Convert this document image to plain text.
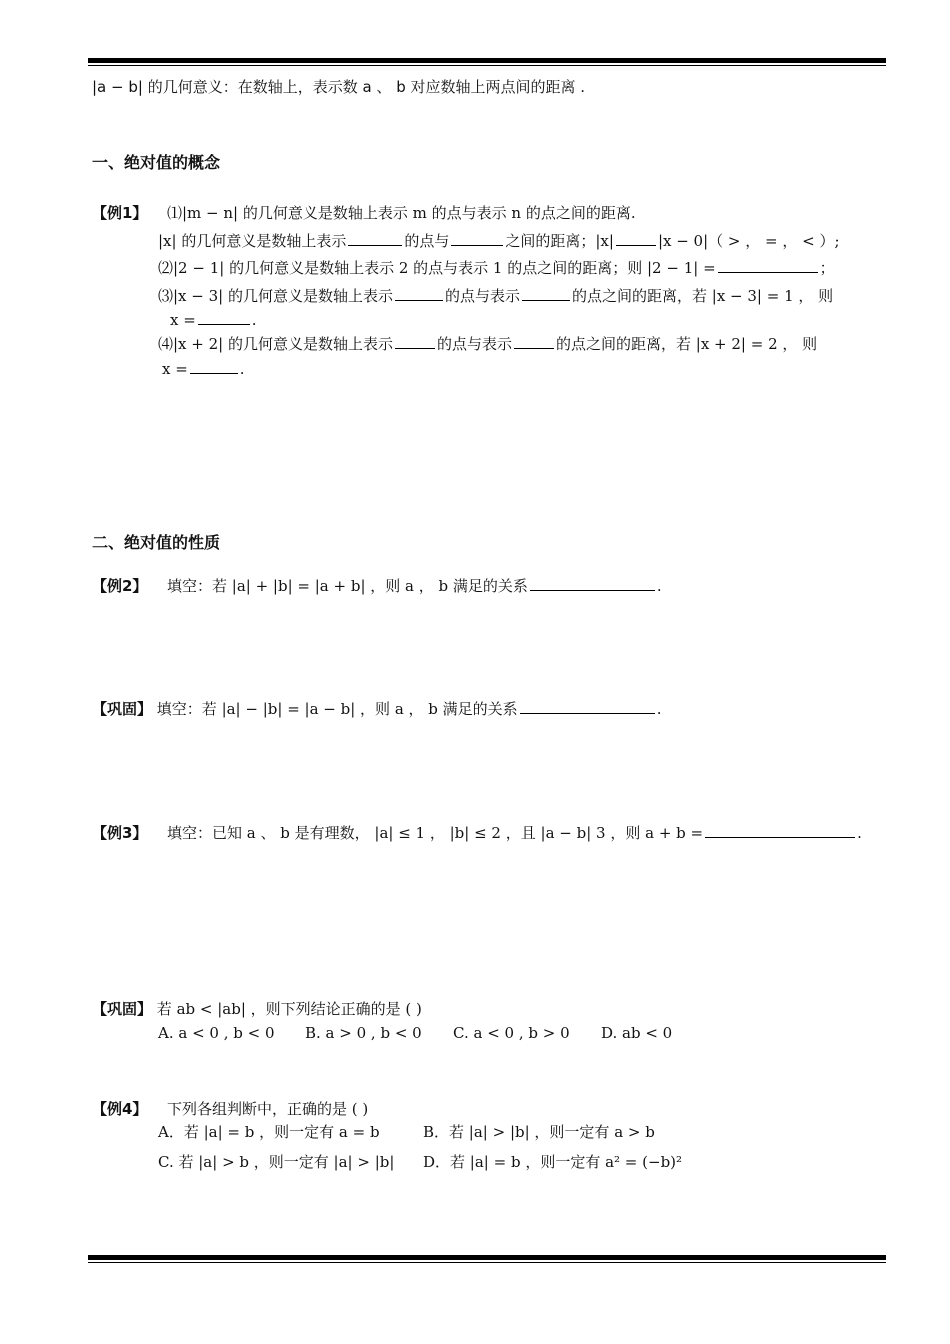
|a − b| 的几何意义：在数轴上，表示数 a 、 b 对应数轴上两点间的距离 .
一、绝对值的概念
【例1】 ⑴|m − n| 的几何意义是数轴上表示 m 的点与表示 n 的点之间的距离.
|x| 的几何意义是数轴上表示	的点与	之间的距离；|x|	|x − 0|（ > ， = ， < ）;
⑵|2 − 1| 的几何意义是数轴上表示 2 的点与表示 1 的点之间的距离；则 |2 − 1| =	；
⑶|x − 3| 的几何意义是数轴上表示	的点与表示	的点之间的距离，若 |x − 3| = 1 ， 则
x =	.
⑷|x + 2| 的几何意义是数轴上表示	的点与表示	的点之间的距离，若 |x + 2| = 2 ， 则
x =	.
二、绝对值的性质
【例2】 填空：若 |a| + |b| = |a + b| ，则 a ， b 满足的关系	.
【巩固】 填空：若 |a| − |b| = |a − b| ，则 a ， b 满足的关系	.
【例3】 填空：已知 a 、 b 是有理数， |a| ≤ 1 ， |b| ≤ 2 ，且 |a − b| 3 ，则 a + b =	.
【巩固】 若 ab < |ab| ，则下列结论正确的是 ( )
A. a < 0 , b < 0 B. a > 0 , b < 0 C. a < 0 , b > 0 D. ab < 0
【例4】 下列各组判断中，正确的是 ( )
A．若 |a| = b ，则一定有 a = b	B．若 |a| > |b| ，则一定有 a > b
C. 若 |a| > b ，则一定有 |a| > |b| D．若 |a| = b ，则一定有 a² = (−b)²
